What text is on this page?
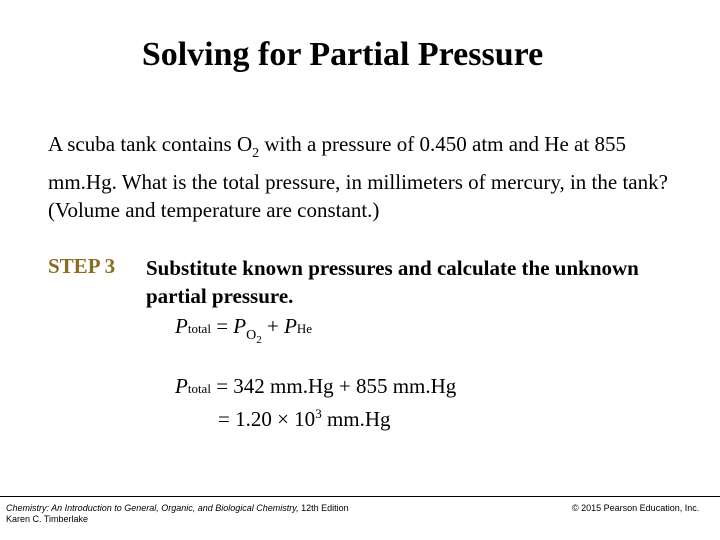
Solving for Partial Pressure
A scuba tank contains $O_2$ with a pressure of 0.450 atm and He at 855 mm.Hg. What is the total pressure, in millimeters of mercury, in the tank? (Volume and temperature are constant.)
STEP 3 Substitute known pressures and calculate the unknown partial pressure.
Ptotal = $P_{O2}$ + PHe
Ptotal = 342 mm.Hg + 855 mm.Hg
= $1.20 \times 10^3$ mm.Hg
Chemistry: An Introduction to General, Organic, and Biological Chemistry, 12th Edition
Karen C. Timberlake
© 2015 Pearson Education, Inc.
